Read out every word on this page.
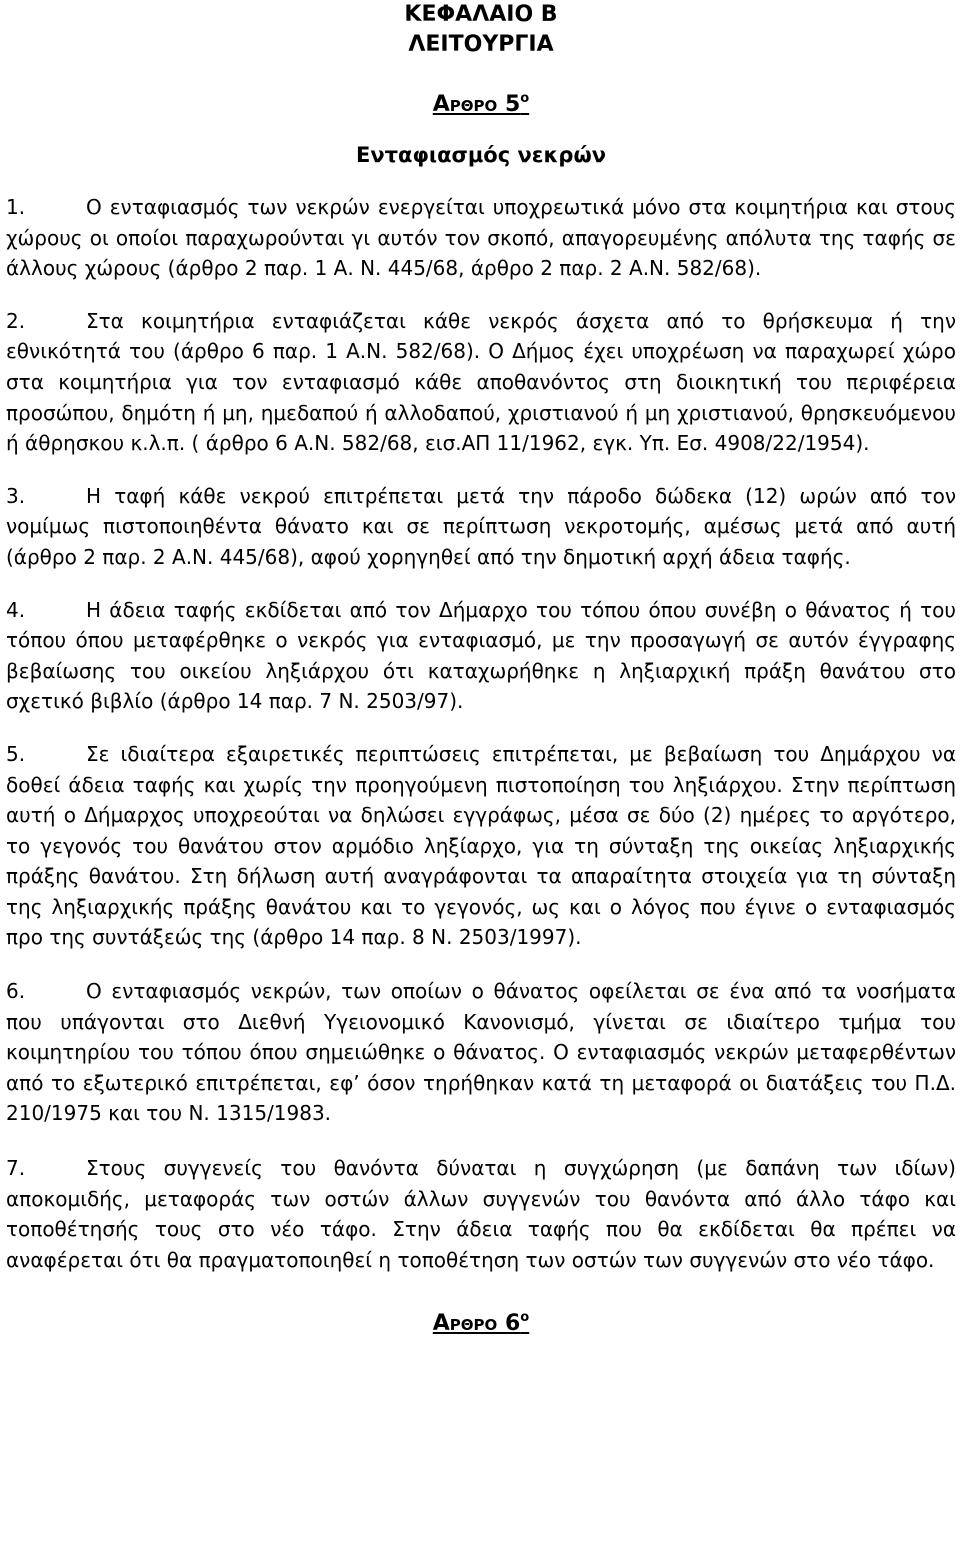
ΚΕΦΑΛΑΙΟ Β
ΛΕΙΤΟΥΡΓΙΑ
Αρθρο $5^o$
Ενταφιασμός νεκρών

1.	Ο ενταφιασμός των νεκρών ενεργείται υποχρεωτικά μόνο στα κοιμητήρια και στους χώρους οι οποίοι παραχωρούνται γι αυτόν τον σκοπό, απαγορευμένης απόλυτα της ταφής σε άλλους χώρους (άρθρο 2 παρ. 1 Α. Ν. 445/68, άρθρο 2 παρ. 2 Α.Ν. 582/68).

2.	Στα κοιμητήρια ενταφιάζεται κάθε νεκρός άσχετα από το θρήσκευμα ή την εθνικότητά του (άρθρο 6 παρ. 1 Α.Ν. 582/68). Ο Δήμος έχει υποχρέωση να παραχωρεί χώρο στα κοιμητήρια για τον ενταφιασμό κάθε αποθανόντος στη διοικητική του περιφέρεια προσώπου, δημότη ή μη, ημεδαπού ή αλλοδαπού, χριστιανού ή μη χριστιανού, θρησκευόμενου ή άθρησκου κ.λ.π. ( άρθρο 6 Α.Ν. 582/68, εισ.ΑΠ 11/1962, εγκ. Υπ. Εσ. 4908/22/1954).

3.	Η ταφή κάθε νεκρού επιτρέπεται μετά την πάροδο δώδεκα (12) ωρών από τον νομίμως πιστοποιηθέντα θάνατο και σε περίπτωση νεκροτομής, αμέσως μετά από αυτή (άρθρο 2 παρ. 2 Α.Ν. 445/68), αφού χορηγηθεί από την δημοτική αρχή άδεια ταφής.

4.	Η άδεια ταφής εκδίδεται από τον Δήμαρχο του τόπου όπου συνέβη ο θάνατος ή του τόπου όπου μεταφέρθηκε ο νεκρός για ενταφιασμό, με την προσαγωγή σε αυτόν έγγραφης βεβαίωσης του οικείου ληξιάρχου ότι καταχωρήθηκε η ληξιαρχική πράξη θανάτου στο σχετικό βιβλίο (άρθρο 14 παρ. 7 Ν. 2503/97).

5.	Σε ιδιαίτερα εξαιρετικές περιπτώσεις επιτρέπεται, με βεβαίωση του Δημάρχου να δοθεί άδεια ταφής και χωρίς την προηγούμενη πιστοποίηση του ληξιάρχου. Στην περίπτωση αυτή ο Δήμαρχος υποχρεούται να δηλώσει εγγράφως, μέσα σε δύο (2) ημέρες το αργότερο, το γεγονός του θανάτου στον αρμόδιο ληξίαρχο, για τη σύνταξη της οικείας ληξιαρχικής πράξης θανάτου. Στη δήλωση αυτή αναγράφονται τα απαραίτητα στοιχεία για τη σύνταξη της ληξιαρχικής πράξης θανάτου και το γεγονός, ως και ο λόγος που έγινε ο ενταφιασμός προ της συντάξεώς της (άρθρο 14 παρ. 8 Ν. 2503/1997).

6.	Ο ενταφιασμός νεκρών, των οποίων ο θάνατος οφείλεται σε ένα από τα νοσήματα που υπάγονται στο Διεθνή Υγειονομικό Κανονισμό, γίνεται σε ιδιαίτερο τμήμα του κοιμητηρίου του τόπου όπου σημειώθηκε ο θάνατος. Ο ενταφιασμός νεκρών μεταφερθέντων από το εξωτερικό επιτρέπεται, εφ’ όσον τηρήθηκαν κατά τη μεταφορά οι διατάξεις του Π.Δ. 210/1975 και του Ν. 1315/1983.

7.	Στους συγγενείς του θανόντα δύναται η συγχώρηση (με δαπάνη των ιδίων) αποκομιδής, μεταφοράς των οστών άλλων συγγενών του θανόντα από άλλο τάφο και τοποθέτησής τους στο νέο τάφο. Στην άδεια ταφής που θα εκδίδεται θα πρέπει να αναφέρεται ότι θα πραγματοποιηθεί η τοποθέτηση των οστών των συγγενών στο νέο τάφο.

Αρθρο $6^o$
